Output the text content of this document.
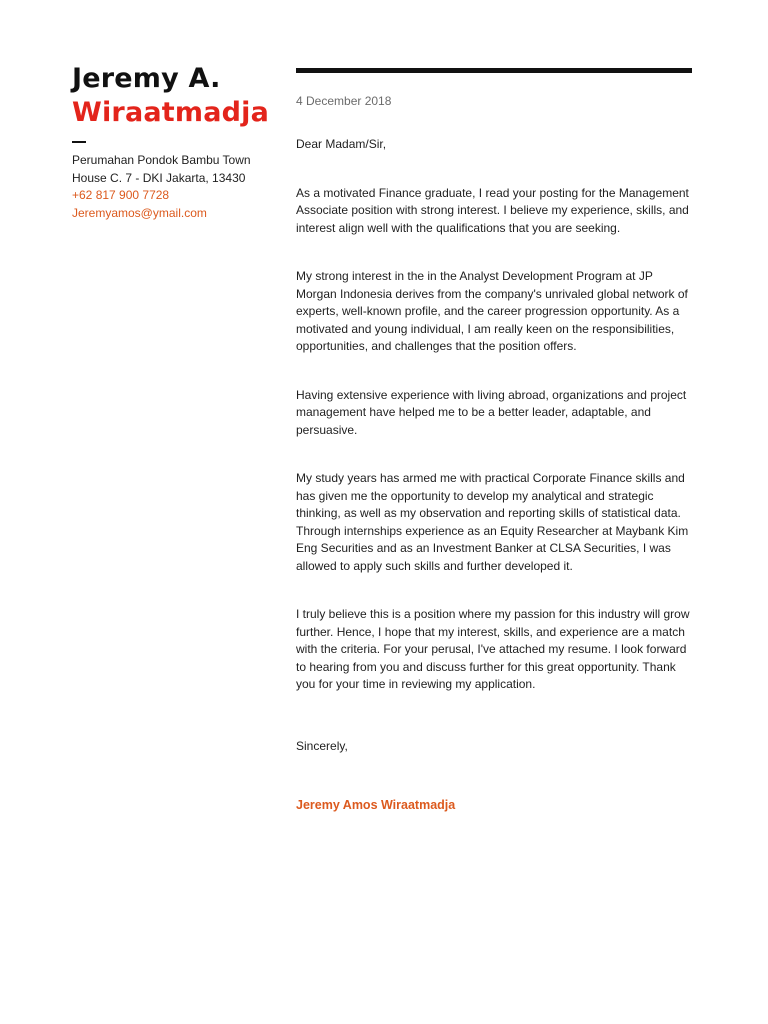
Jeremy A.
Wiraatmadja
Perumahan Pondok Bambu Town
House C. 7 - DKI Jakarta, 13430
+62 817 900 7728
Jeremyamos@ymail.com
4 December 2018
Dear Madam/Sir,
As a motivated Finance graduate, I read your posting for the Management Associate position with strong interest. I believe my experience, skills, and interest align well with the qualifications that you are seeking.
My strong interest in the in the Analyst Development Program at JP Morgan Indonesia derives from the company's unrivaled global network of experts, well-known profile, and the career progression opportunity. As a motivated and young individual, I am really keen on the responsibilities, opportunities, and challenges that the position offers.
Having extensive experience with living abroad, organizations and project management have helped me to be a better leader, adaptable, and persuasive.
My study years has armed me with practical Corporate Finance skills and has given me the opportunity to develop my analytical and strategic thinking, as well as my observation and reporting skills of statistical data. Through internships experience as an Equity Researcher at Maybank Kim Eng Securities and as an Investment Banker at CLSA Securities, I was allowed to apply such skills and further developed it.
I truly believe this is a position where my passion for this industry will grow further. Hence, I hope that my interest, skills, and experience are a match with the criteria. For your perusal, I've attached my resume. I look forward to hearing from you and discuss further for this great opportunity. Thank you for your time in reviewing my application.
Sincerely,
Jeremy Amos Wiraatmadja
